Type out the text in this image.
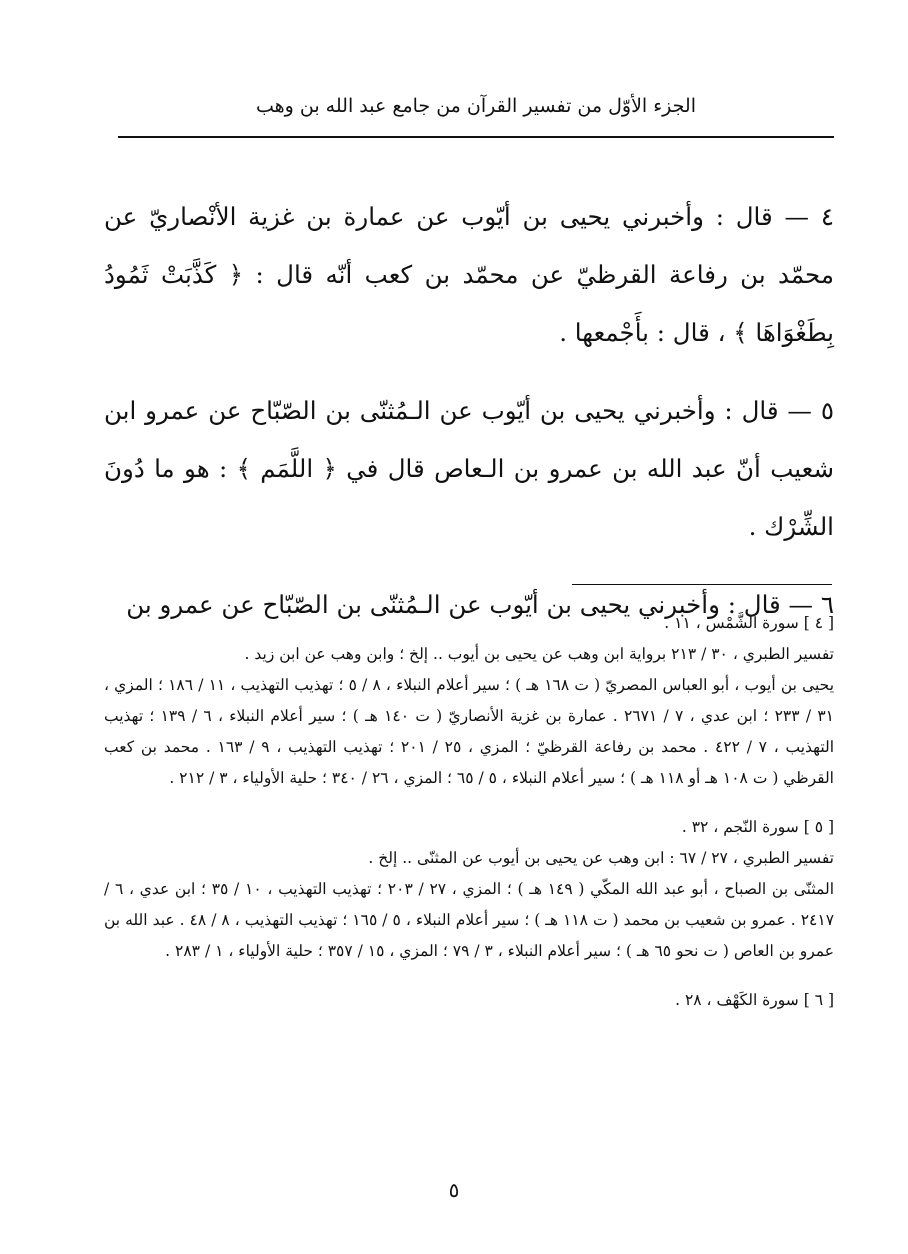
الجزء الأوّل من تفسير القرآن من جامع عبد الله بن وهب

٤ — قال : وأخبرني يحيى بن أيّوب عن عمارة بن غزية الأنْصاريّ عن محمّد بن رفاعة القرظيّ عن محمّد بن كعب أنّه قال : ﴿ كَذَّبَتْ ثَمُودُ بِطَغْوَاهَا ﴾ ، قال : بأَجْمعها .

٥ — قال : وأخبرني يحيى بن أيّوب عن الـمُثنّى بن الصّبّاح عن عمرو ابن شعيب أنّ عبد الله بن عمرو بن الـعاص قال في ﴿ اللَّمَم ﴾ : هو ما دُونَ الشِّرْك .

٦ — قال : وأخبرني يحيى بن أيّوب عن الـمُثنّى بن الصّبّاح عن عمرو بن

[ ٤ ] سورة الشَّمْس ، ١١ .

تفسير الطبري ، ٣٠ / ٢١٣ برواية ابن وهب عن يحيى بن أيوب .. إلخ ؛ وابن وهب عن ابن زيد .

يحيى بن أيوب ، أبو العباس المصريّ ( ت ١٦٨ هـ ) ؛ سير أعلام النبلاء ، ٨ / ٥ ؛ تهذيب التهذيب ، ١١ / ١٨٦ ؛ المزي ، ٣١ / ٢٣٣ ؛ ابن عدي ، ٧ / ٢٦٧١ . عمارة بن غزية الأنصاريّ ( ت ١٤٠ هـ ) ؛ سير أعلام النبلاء ، ٦ / ١٣٩ ؛ تهذيب التهذيب ، ٧ / ٤٢٢ . محمد بن رفاعة القرظيّ ؛ المزي ، ٢٥ / ٢٠١ ؛ تهذيب التهذيب ، ٩ / ١٦٣ . محمد بن كعب القرظي ( ت ١٠٨ هـ أو ١١٨ هـ ) ؛ سير أعلام النبلاء ، ٥ / ٦٥ ؛ المزي ، ٢٦ / ٣٤٠ ؛ حلية الأولياء ، ٣ / ٢١٢ .

[ ٥ ] سورة النّجم ، ٣٢ .

تفسير الطبري ، ٢٧ / ٦٧ : ابن وهب عن يحيى بن أيوب عن المثنّى .. إلخ .

المثنّى بن الصباح ، أبو عبد الله المكّي ( ١٤٩ هـ ) ؛ المزي ، ٢٧ / ٢٠٣ ؛ تهذيب التهذيب ، ١٠ / ٣٥ ؛ ابن عدي ، ٦ / ٢٤١٧ . عمرو بن شعيب بن محمد ( ت ١١٨ هـ ) ؛ سير أعلام النبلاء ، ٥ / ١٦٥ ؛ تهذيب التهذيب ، ٨ / ٤٨ . عبد الله بن عمرو بن العاص ( ت نحو ٦٥ هـ ) ؛ سير أعلام النبلاء ، ٣ / ٧٩ ؛ المزي ، ١٥ / ٣٥٧ ؛ حلية الأولياء ، ١ / ٢٨٣ .

[ ٦ ] سورة الكَهْف ، ٢٨ .

٥
